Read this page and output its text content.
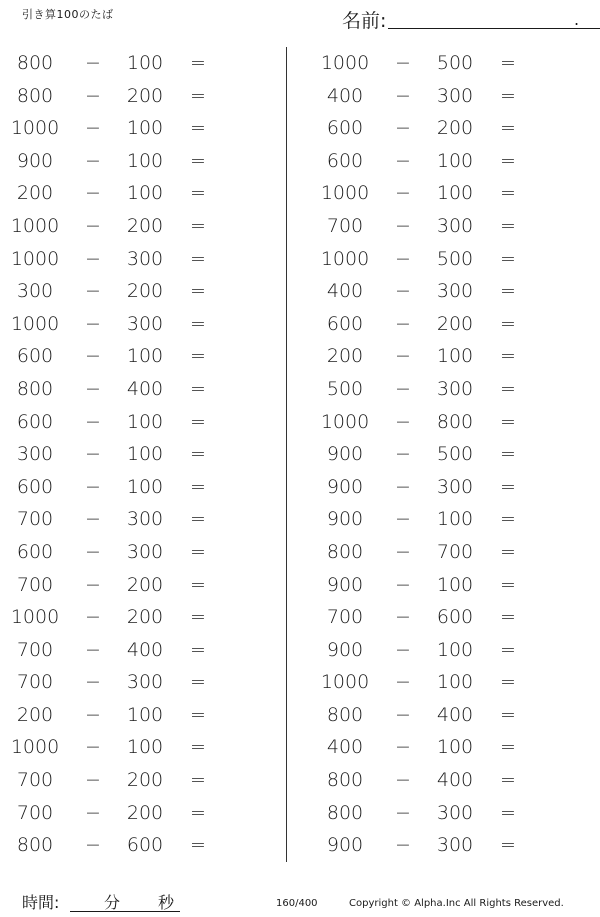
引き算100のたば	名前:	.
800	−	100	=
800	−	200	=
1000	−	100	=
900	−	100	=
200	−	100	=
1000	−	200	=
1000	−	300	=
300	−	200	=
1000	−	300	=
600	−	100	=
800	−	400	=
600	−	100	=
300	−	100	=
600	−	100	=
700	−	300	=
600	−	300	=
700	−	200	=
1000	−	200	=
700	−	400	=
700	−	300	=
200	−	100	=
1000	−	100	=
700	−	200	=
700	−	200	=
800	−	600	=
1000	−	500	=
400	−	300	=
600	−	200	=
600	−	100	=
1000	−	100	=
700	−	300	=
1000	−	500	=
400	−	300	=
600	−	200	=
200	−	100	=
500	−	300	=
1000	−	800	=
900	−	500	=
900	−	300	=
900	−	100	=
800	−	700	=
900	−	100	=
700	−	600	=
900	−	100	=
1000	−	100	=
800	−	400	=
400	−	100	=
800	−	400	=
800	−	300	=
900	−	300	=
時間:	分 秒	160/400	Copyright © Alpha.Inc All Rights Reserved.
